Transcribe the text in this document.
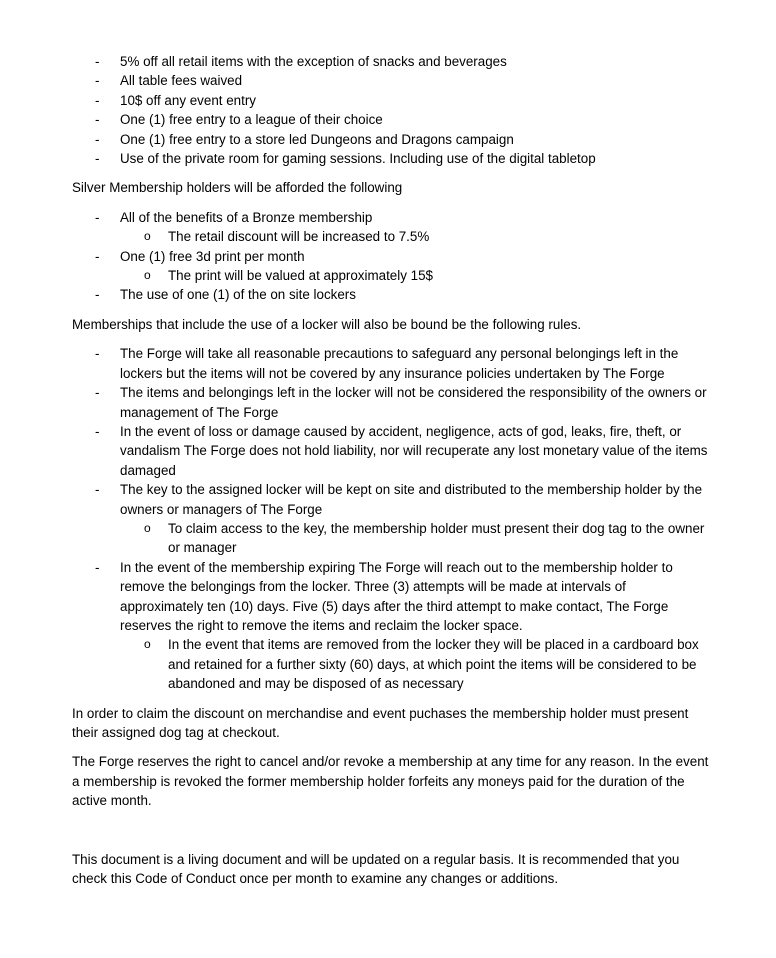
- 5% off all retail items with the exception of snacks and beverages
- All table fees waived
- 10$ off any event entry
- One (1) free entry to a league of their choice
- One (1) free entry to a store led Dungeons and Dragons campaign
- Use of the private room for gaming sessions. Including use of the digital tabletop

Silver Membership holders will be afforded the following

- All of the benefits of a Bronze membership
o The retail discount will be increased to 7.5%
- One (1) free 3d print per month
o The print will be valued at approximately 15$
- The use of one (1) of the on site lockers

Memberships that include the use of a locker will also be bound be the following rules.

- The Forge will take all reasonable precautions to safeguard any personal belongings left in the lockers but the items will not be covered by any insurance policies undertaken by The Forge
- The items and belongings left in the locker will not be considered the responsibility of the owners or management of The Forge
- In the event of loss or damage caused by accident, negligence, acts of god, leaks, fire, theft, or vandalism The Forge does not hold liability, nor will recuperate any lost monetary value of the items damaged
- The key to the assigned locker will be kept on site and distributed to the membership holder by the owners or managers of The Forge
o To claim access to the key, the membership holder must present their dog tag to the owner or manager
- In the event of the membership expiring The Forge will reach out to the membership holder to remove the belongings from the locker. Three (3) attempts will be made at intervals of approximately ten (10) days. Five (5) days after the third attempt to make contact, The Forge reserves the right to remove the items and reclaim the locker space.
o In the event that items are removed from the locker they will be placed in a cardboard box and retained for a further sixty (60) days, at which point the items will be considered to be abandoned and may be disposed of as necessary

In order to claim the discount on merchandise and event puchases the membership holder must present their assigned dog tag at checkout.

The Forge reserves the right to cancel and/or revoke a membership at any time for any reason. In the event a membership is revoked the former membership holder forfeits any moneys paid for the duration of the active month.

This document is a living document and will be updated on a regular basis. It is recommended that you check this Code of Conduct once per month to examine any changes or additions.
